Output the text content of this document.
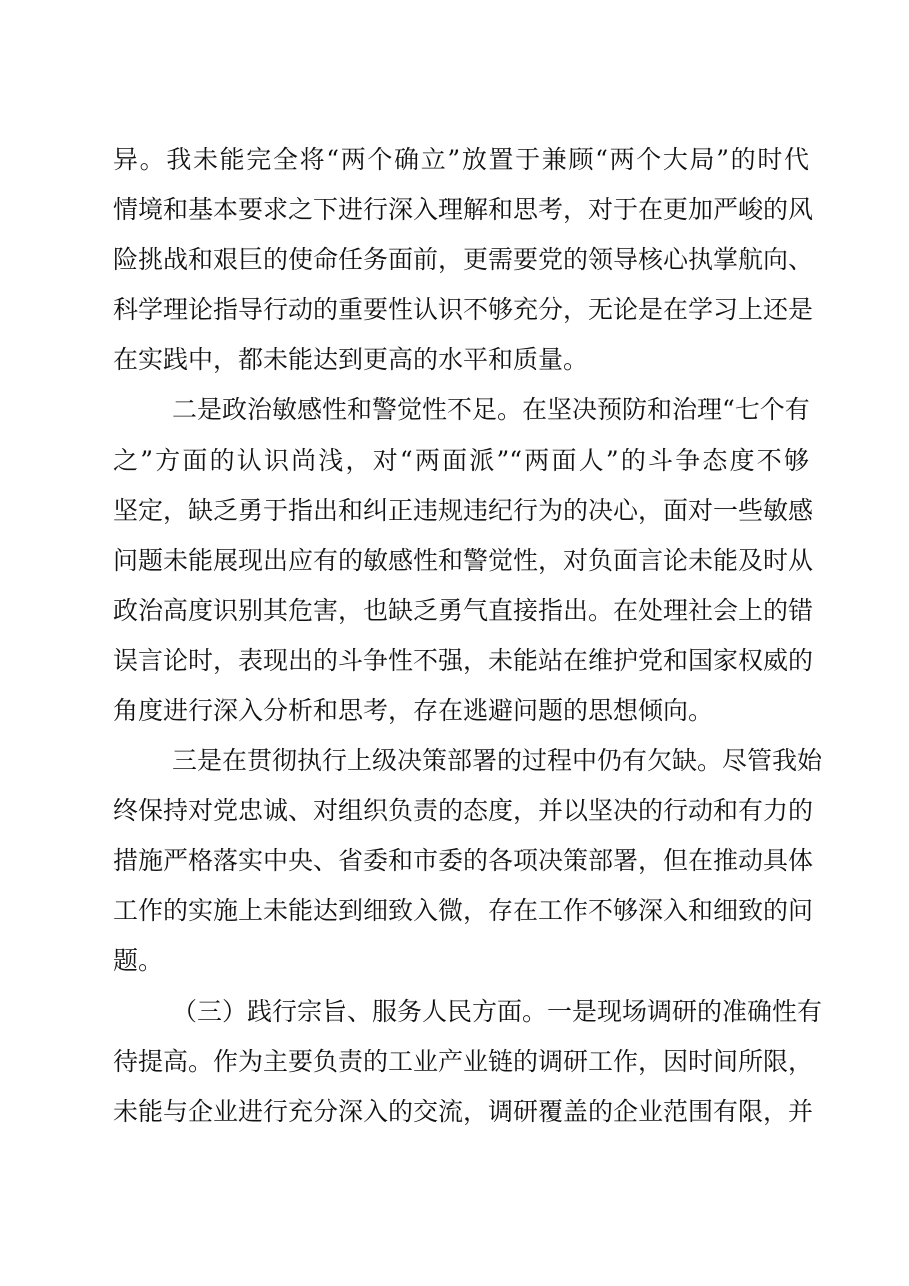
异。我未能完全将“两个确立”放置于兼顾“两个大局”的时代
情境和基本要求之下进行深入理解和思考，对于在更加严峻的风
险挑战和艰巨的使命任务面前，更需要党的领导核心执掌航向、
科学理论指导行动的重要性认识不够充分，无论是在学习上还是
在实践中，都未能达到更高的水平和质量。
二是政治敏感性和警觉性不足。在坚决预防和治理“七个有
之”方面的认识尚浅，对“两面派”“两面人”的斗争态度不够
坚定，缺乏勇于指出和纠正违规违纪行为的决心，面对一些敏感
问题未能展现出应有的敏感性和警觉性，对负面言论未能及时从
政治高度识别其危害，也缺乏勇气直接指出。在处理社会上的错
误言论时，表现出的斗争性不强，未能站在维护党和国家权威的
角度进行深入分析和思考，存在逃避问题的思想倾向。
三是在贯彻执行上级决策部署的过程中仍有欠缺。尽管我始
终保持对党忠诚、对组织负责的态度，并以坚决的行动和有力的
措施严格落实中央、省委和市委的各项决策部署，但在推动具体
工作的实施上未能达到细致入微，存在工作不够深入和细致的问
题。
（三）践行宗旨、服务人民方面。一是现场调研的准确性有
待提高。作为主要负责的工业产业链的调研工作，因时间所限，
未能与企业进行充分深入的交流，调研覆盖的企业范围有限，并
